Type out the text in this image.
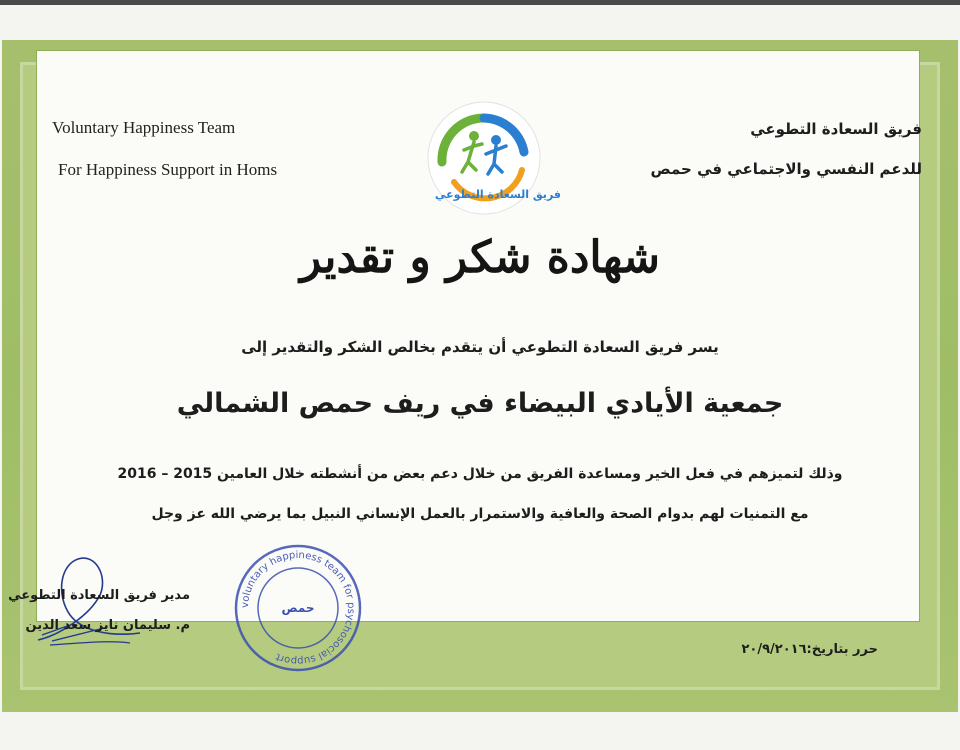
Voluntary Happiness Team
For Happiness Support in Homs
فريق السعادة التطوعي
للدعم النفسي والاجتماعي في حمص
فريق السعادة التطوعي
شهادة شكر و تقدير
يسر فريق السعادة التطوعي أن يتقدم بخالص الشكر والتقدير إلى
جمعية الأيادي البيضاء في ريف حمص الشمالي
وذلك لتميزهم في فعل الخير ومساعدة الفريق من خلال دعم بعض من أنشطته خلال العامين 2015 – 2016
مع التمنيات لهم بدوام الصحة والعافية والاستمرار بالعمل الإنساني النبيل بما يرضي الله عز وجل
مدير فريق السعادة التطوعي
م. سليمان نايز سعد الدين
voluntary happiness team for psychosocial support
حمص
حرر بتاريخ:٢٠/٩/٢٠١٦
